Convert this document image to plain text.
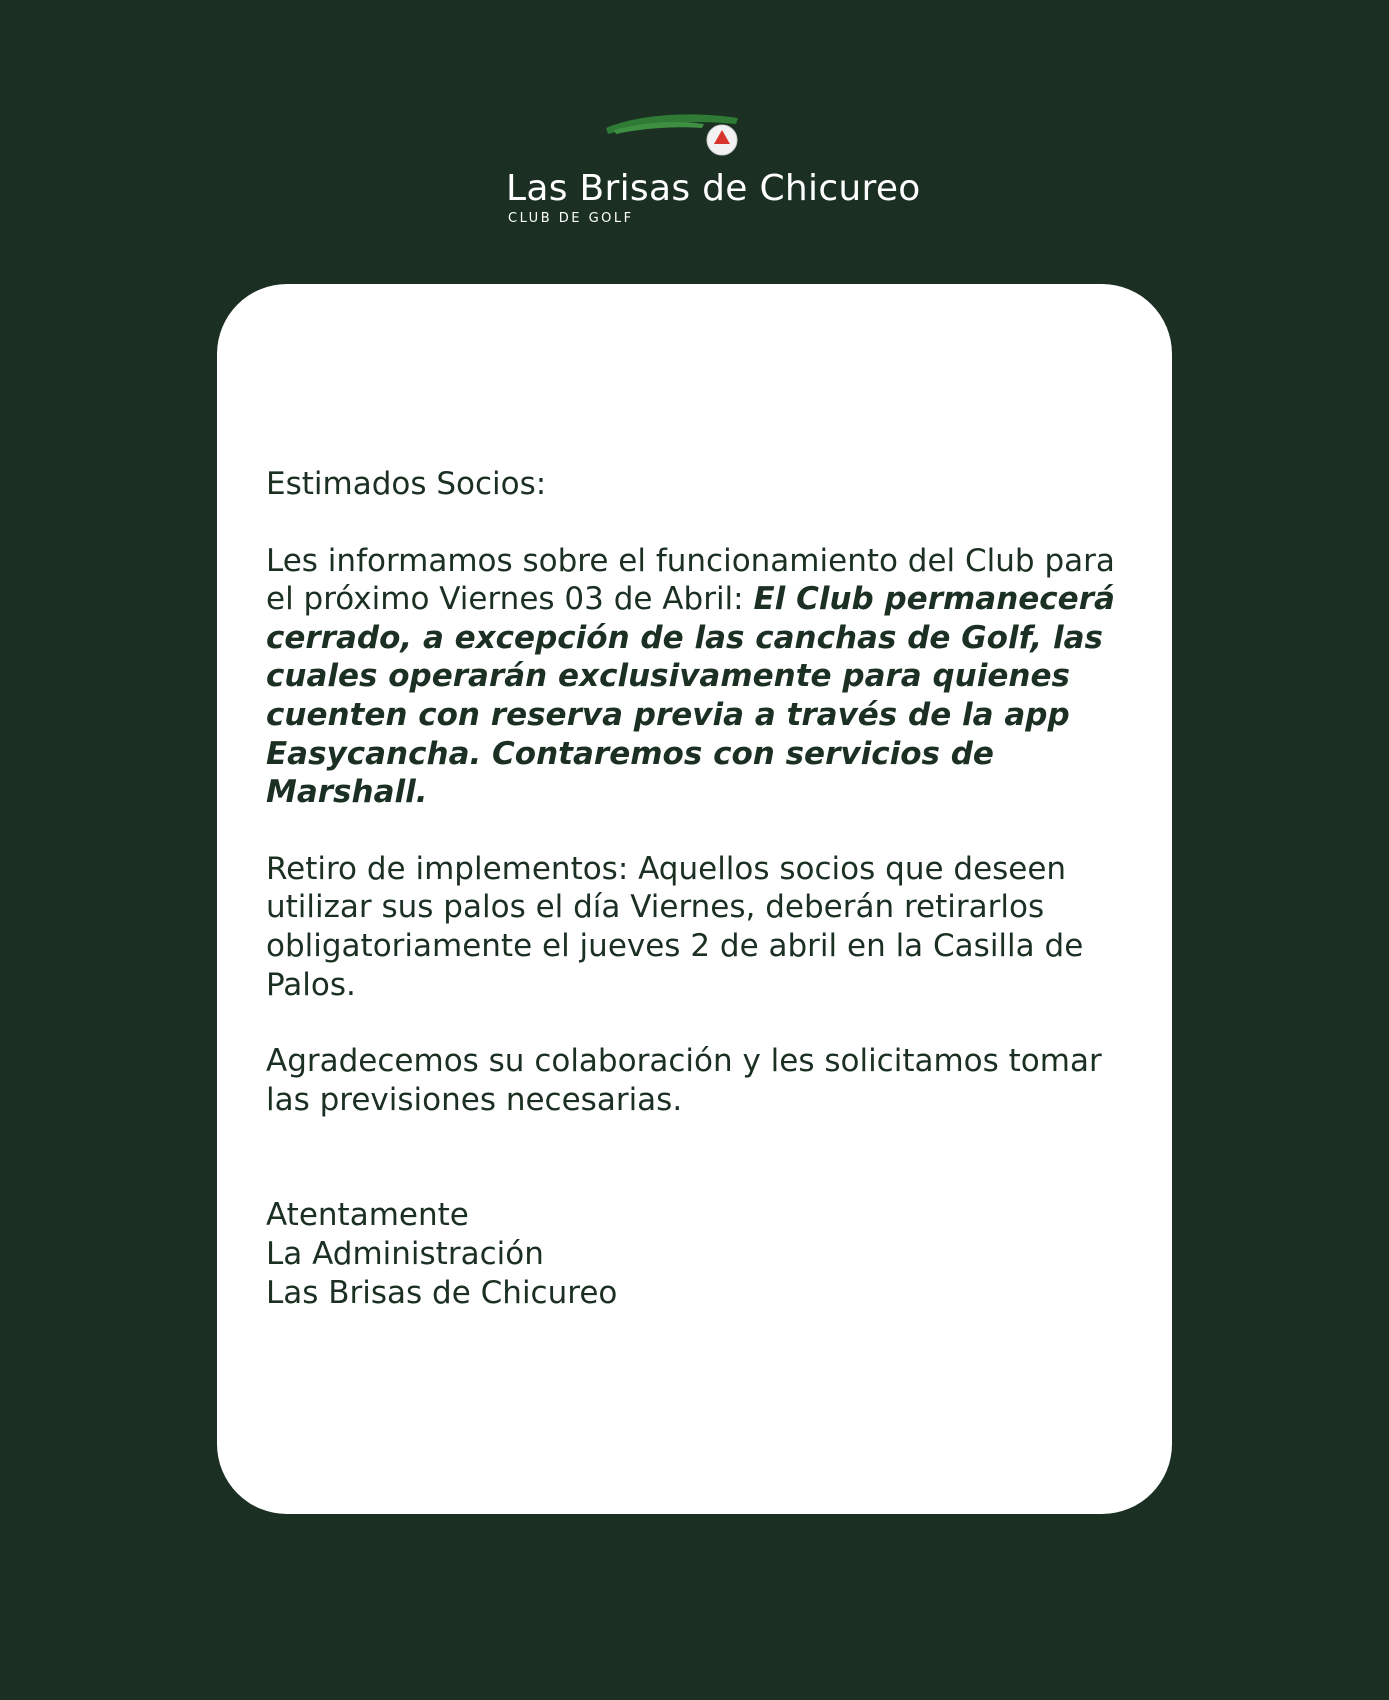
Las Brisas de Chicureo
CLUB DE GOLF

Estimados Socios:

Les informamos sobre el funcionamiento del Club para el próximo Viernes 03 de Abril: El Club permanecerá cerrado, a excepción de las canchas de Golf, las cuales operarán exclusivamente para quienes cuenten con reserva previa a través de la app Easycancha. Contaremos con servicios de Marshall.

Retiro de implementos: Aquellos socios que deseen utilizar sus palos el día Viernes, deberán retirarlos obligatoriamente el jueves 2 de abril en la Casilla de Palos.

Agradecemos su colaboración y les solicitamos tomar las previsiones necesarias.

Atentamente

La Administración

Las Brisas de Chicureo
